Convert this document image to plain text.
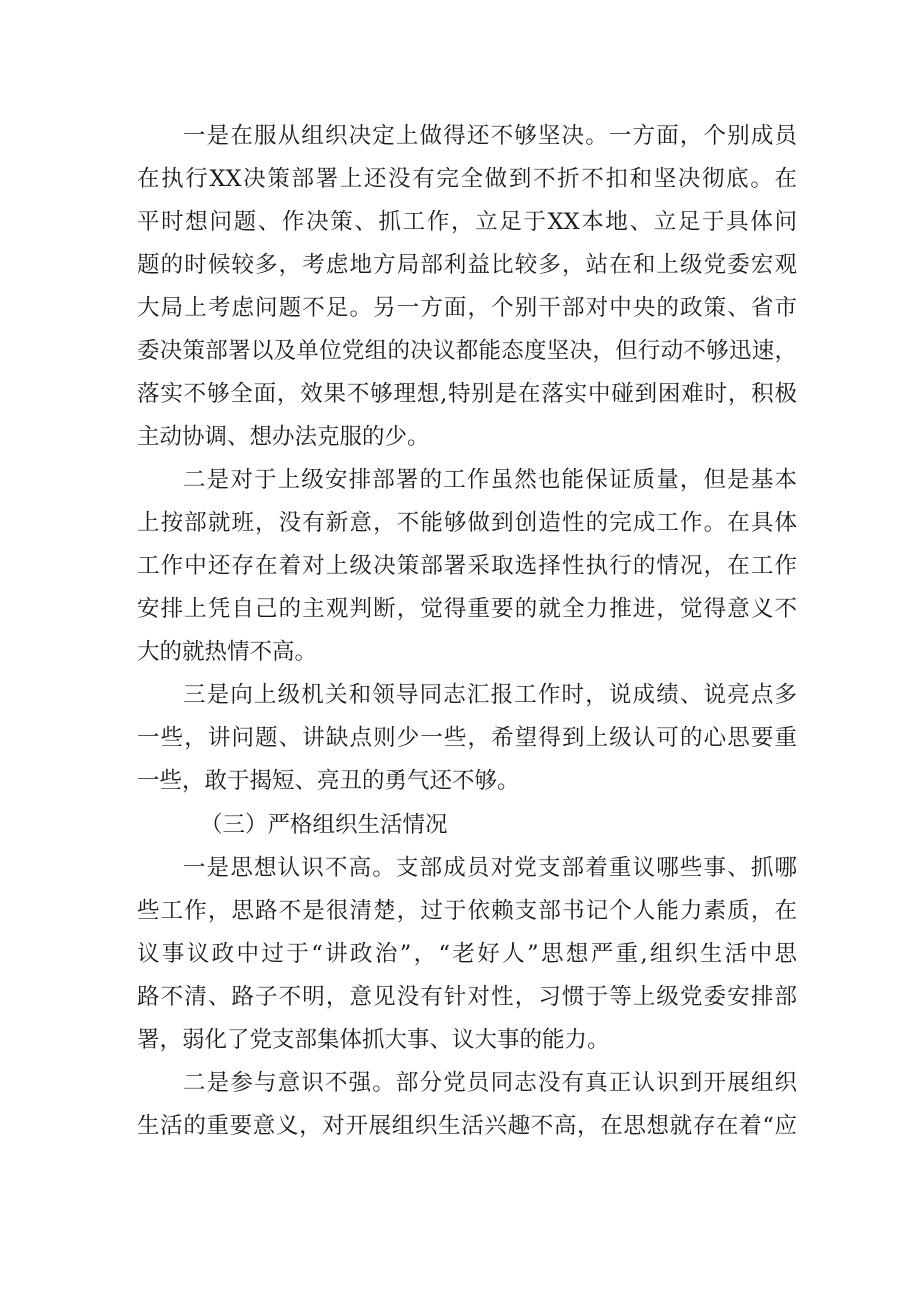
一是在服从组织决定上做得还不够坚决。一方面，个别成员
在执行XX决策部署上还没有完全做到不折不扣和坚决彻底。在
平时想问题、作决策、抓工作，立足于XX本地、立足于具体问
题的时候较多，考虑地方局部利益比较多，站在和上级党委宏观
大局上考虑问题不足。另一方面，个别干部对中央的政策、省市
委决策部署以及单位党组的决议都能态度坚决，但行动不够迅速，
落实不够全面，效果不够理想,特别是在落实中碰到困难时，积极
主动协调、想办法克服的少。
二是对于上级安排部署的工作虽然也能保证质量，但是基本
上按部就班，没有新意，不能够做到创造性的完成工作。在具体
工作中还存在着对上级决策部署采取选择性执行的情况，在工作
安排上凭自己的主观判断，觉得重要的就全力推进，觉得意义不
大的就热情不高。
三是向上级机关和领导同志汇报工作时，说成绩、说亮点多
一些，讲问题、讲缺点则少一些，希望得到上级认可的心思要重
一些，敢于揭短、亮丑的勇气还不够。
（三）严格组织生活情况
一是思想认识不高。支部成员对党支部着重议哪些事、抓哪
些工作，思路不是很清楚，过于依赖支部书记个人能力素质，在
议事议政中过于“讲政治”，“老好人”思想严重,组织生活中思
路不清、路子不明，意见没有针对性，习惯于等上级党委安排部
署，弱化了党支部集体抓大事、议大事的能力。
二是参与意识不强。部分党员同志没有真正认识到开展组织
生活的重要意义，对开展组织生活兴趣不高，在思想就存在着“应
